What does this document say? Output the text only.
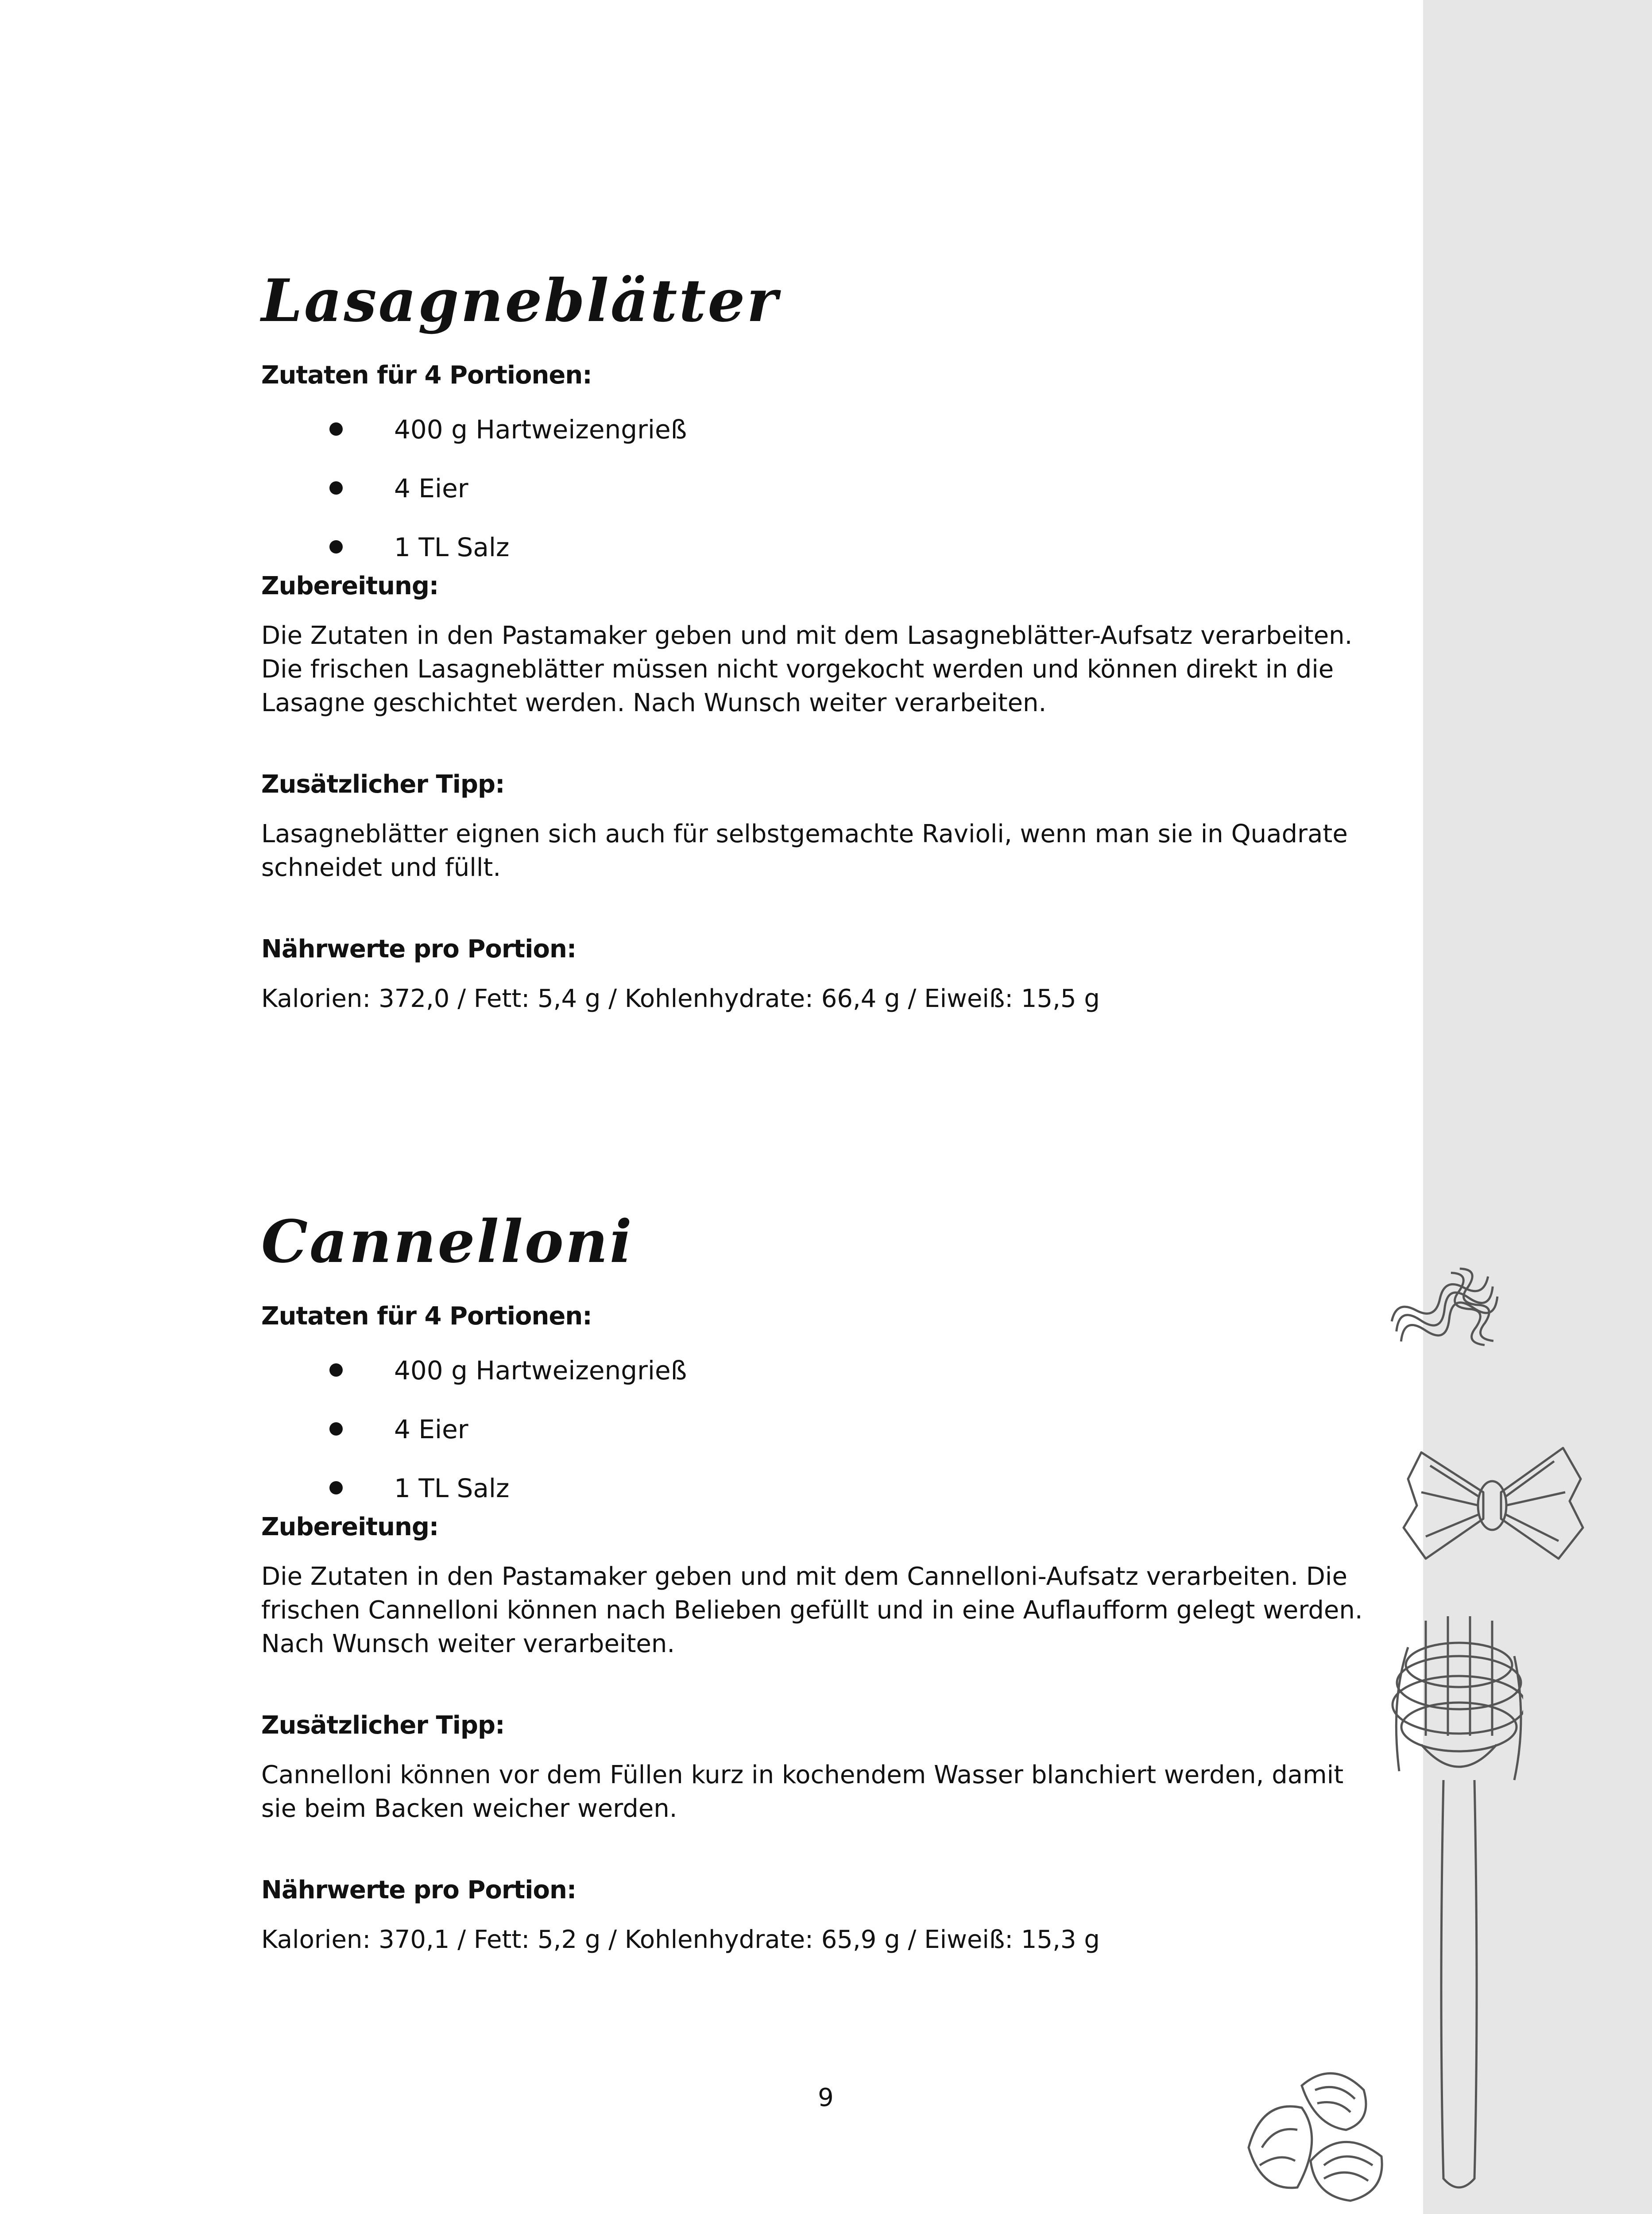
Lasagneblätter
Zutaten für 4 Portionen:
400 g Hartweizengrieß
4 Eier
1 TL Salz
Zubereitung:

Die Zutaten in den Pastamaker geben und mit dem Lasagneblätter-Aufsatz verarbeiten.
Die frischen Lasagneblätter müssen nicht vorgekocht werden und können direkt in die
Lasagne geschichtet werden. Nach Wunsch weiter verarbeiten.

Zusätzlicher Tipp:

Lasagneblätter eignen sich auch für selbstgemachte Ravioli, wenn man sie in Quadrate
schneidet und füllt.

Nährwerte pro Portion:

Kalorien: 372,0 / Fett: 5,4 g / Kohlenhydrate: 66,4 g / Eiweiß: 15,5 g

Cannelloni
Zutaten für 4 Portionen:
400 g Hartweizengrieß
4 Eier
1 TL Salz
Zubereitung:

Die Zutaten in den Pastamaker geben und mit dem Cannelloni-Aufsatz verarbeiten. Die
frischen Cannelloni können nach Belieben gefüllt und in eine Auflaufform gelegt werden.
Nach Wunsch weiter verarbeiten.

Zusätzlicher Tipp:

Cannelloni können vor dem Füllen kurz in kochendem Wasser blanchiert werden, damit
sie beim Backen weicher werden.

Nährwerte pro Portion:

Kalorien: 370,1 / Fett: 5,2 g / Kohlenhydrate: 65,9 g / Eiweiß: 15,3 g

9
